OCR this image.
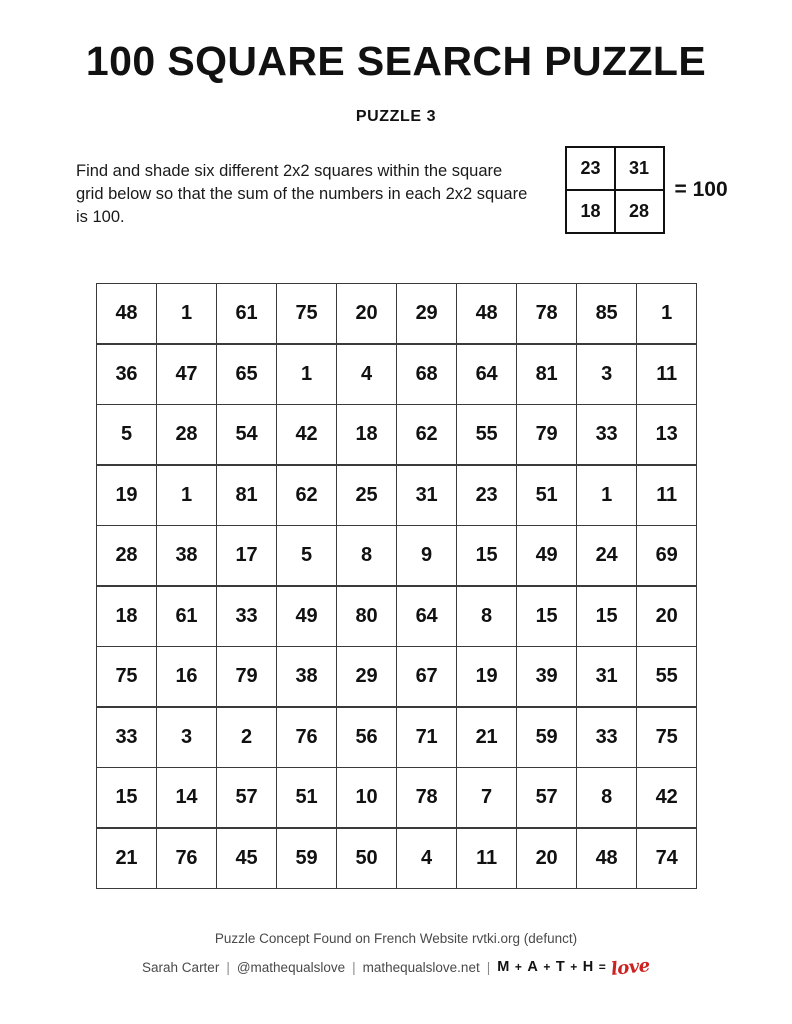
100 SQUARE SEARCH PUZZLE
PUZZLE 3
Find and shade six different 2x2 squares within the square grid below so that the sum of the numbers in each 2x2 square is 100.
23	31
18	28
= 100
48	1	61	75	20	29	48	78	85	1
36	47	65	1	4	68	64	81	3	11
5	28	54	42	18	62	55	79	33	13
19	1	81	62	25	31	23	51	1	11
28	38	17	5	8	9	15	49	24	69
18	61	33	49	80	64	8	15	15	20
75	16	79	38	29	67	19	39	31	55
33	3	2	76	56	71	21	59	33	75
15	14	57	51	10	78	7	57	8	42
21	76	45	59	50	4	11	20	48	74
Puzzle Concept Found on French Website rvtki.org (defunct)
Sarah Carter | @mathequalslove | mathequalslove.net | M + A + T + H = love
